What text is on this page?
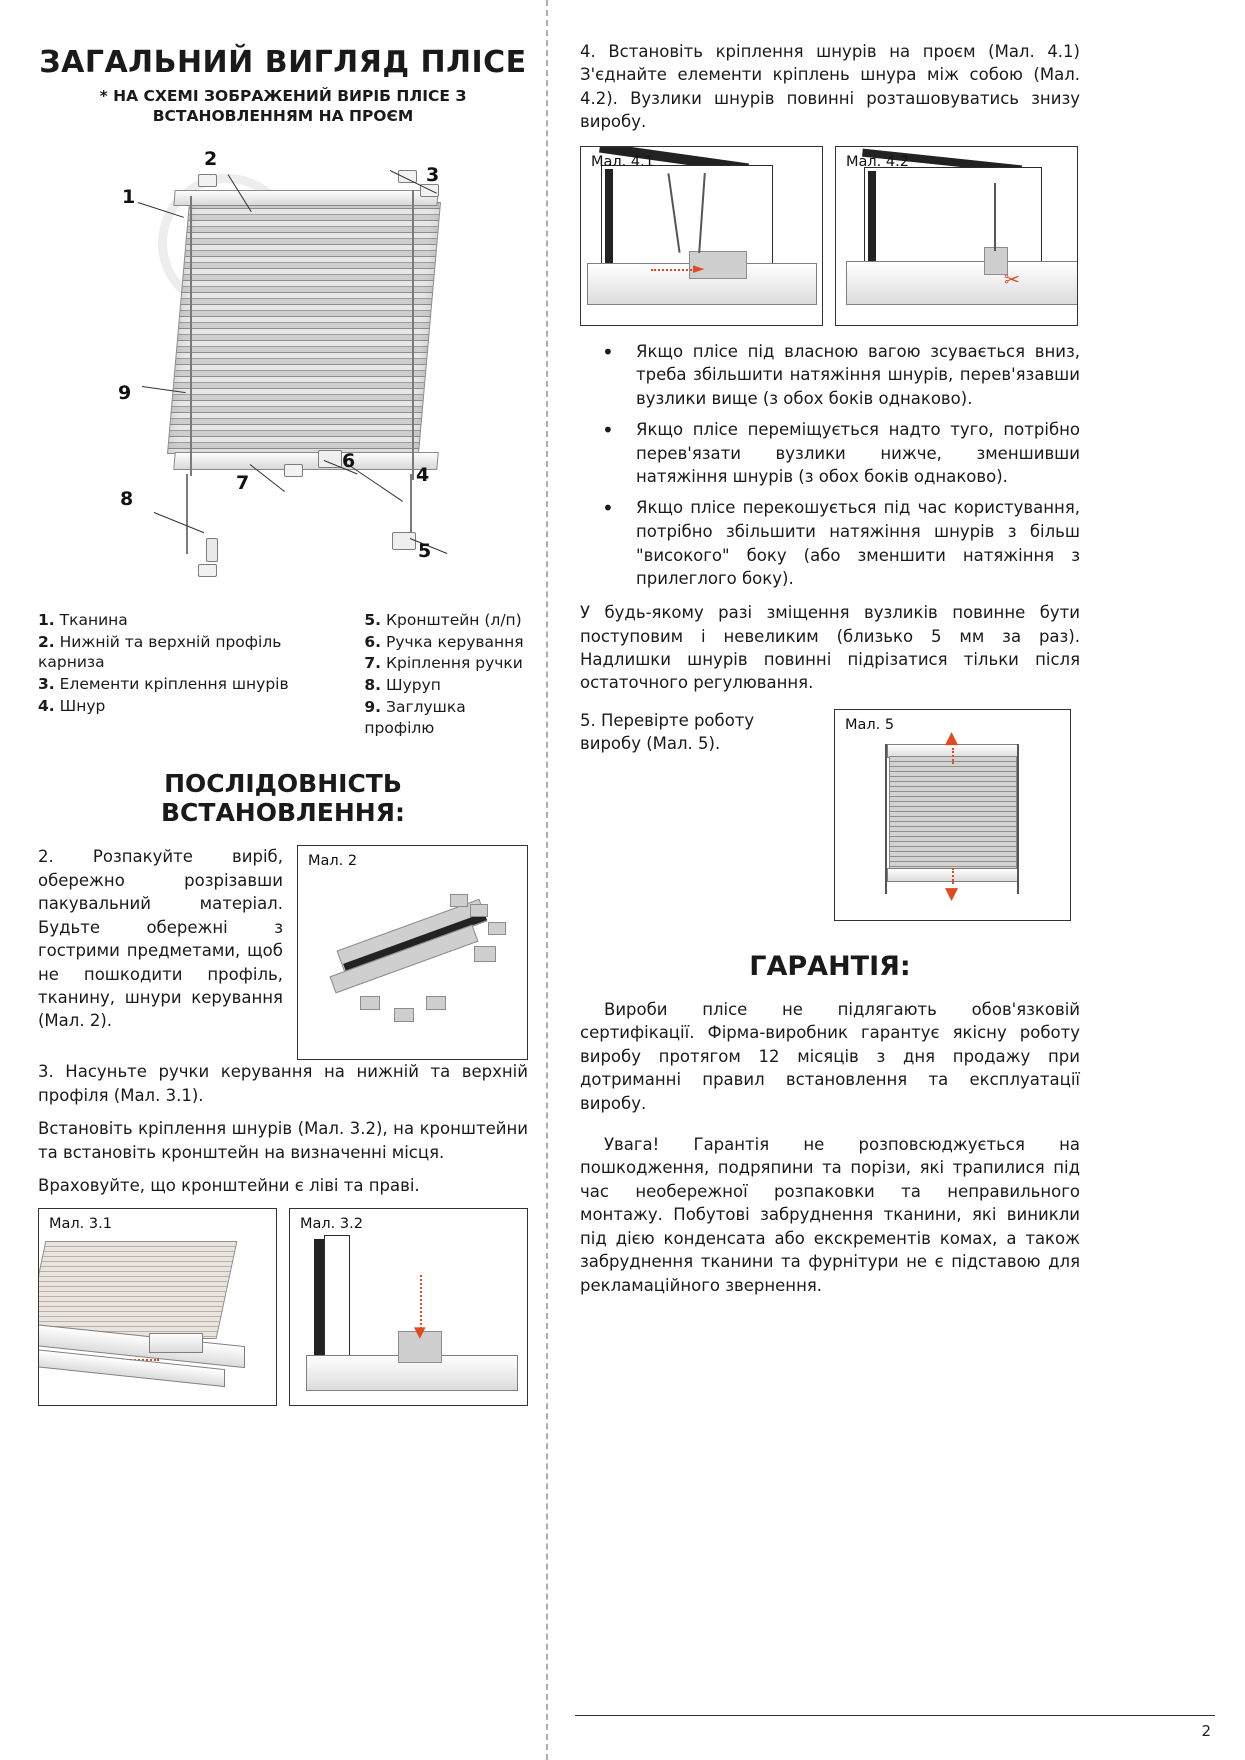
ЗАГАЛЬНИЙ ВИГЛЯД ПЛІСЕ

* НА СХЕМІ ЗОБРАЖЕНИЙ ВИРІБ ПЛІСЕ З ВСТАНОВЛЕННЯМ НА ПРОЄМ

1
2
3
4
5
6
7
8
9
1. Тканина
2. Нижній та верхній профіль карниза
3. Елементи кріплення шнурів
4. Шнур
5. Кронштейн (л/п)
6. Ручка керування
7. Кріплення ручки
8. Шуруп
9. Заглушка профілю
ПОСЛІДОВНІСТЬ ВСТАНОВЛЕННЯ:

2. Розпакуйте виріб, обережно розрізавши пакувальний матеріал. Будьте обережні з гострими предметами, щоб не пошкодити профіль, тканину, шнури керування (Мал. 2).

Мал. 2

3. Насуньте ручки керування на нижній та верхній профіля (Мал. 3.1).

Встановіть кріплення шнурів (Мал. 3.2), на кронштейни та встановіть кронштейн на визначенні місця.

Враховуйте, що кронштейни є ліві та праві.

Мал. 3.1	Мал. 3.2
▼

4. Встановіть кріплення шнурів на проєм (Мал. 4.1) З'єднайте елементи кріплень шнура між собою (Мал. 4.2). Вузлики шнурів повинні розташовуватись знизу виробу.

Мал. 4.1
►
Мал. 4.2
✂
• Якщо плісе під власною вагою зсувається вниз, треба збільшити натяжіння шнурів, перев'язавши вузлики вище (з обох боків однаково).
• Якщо плісе переміщується надто туго, потрібно перев'язати вузлики нижче, зменшивши натяжіння шнурів (з обох боків однаково).
• Якщо плісе перекошується під час користування, потрібно збільшити натяжіння шнурів з більш "високого" боку (або зменшити натяжіння з прилеглого боку).

У будь-якому разі зміщення вузликів повинне бути поступовим і невеликим (близько 5 мм за раз). Надлишки шнурів повинні підрізатися тільки після остаточного регулювання.

5. Перевірте роботу виробу (Мал. 5).
Мал. 5
▲
▼
ГАРАНТІЯ:

Вироби плісе не підлягають обов'язковій сертифікації. Фірма-виробник гарантує якісну роботу виробу протягом 12 місяців з дня продажу при дотриманні правил встановлення та експлуатації виробу.

Увага! Гарантія не розповсюджується на пошкодження, подряпини та порізи, які трапилися під час необережної розпаковки та неправильного монтажу. Побутові забруднення тканини, які виникли під дією конденсата або екскрементів комах, а також забруднення тканини та фурнітури не є підставою для рекламаційного звернення.

2
